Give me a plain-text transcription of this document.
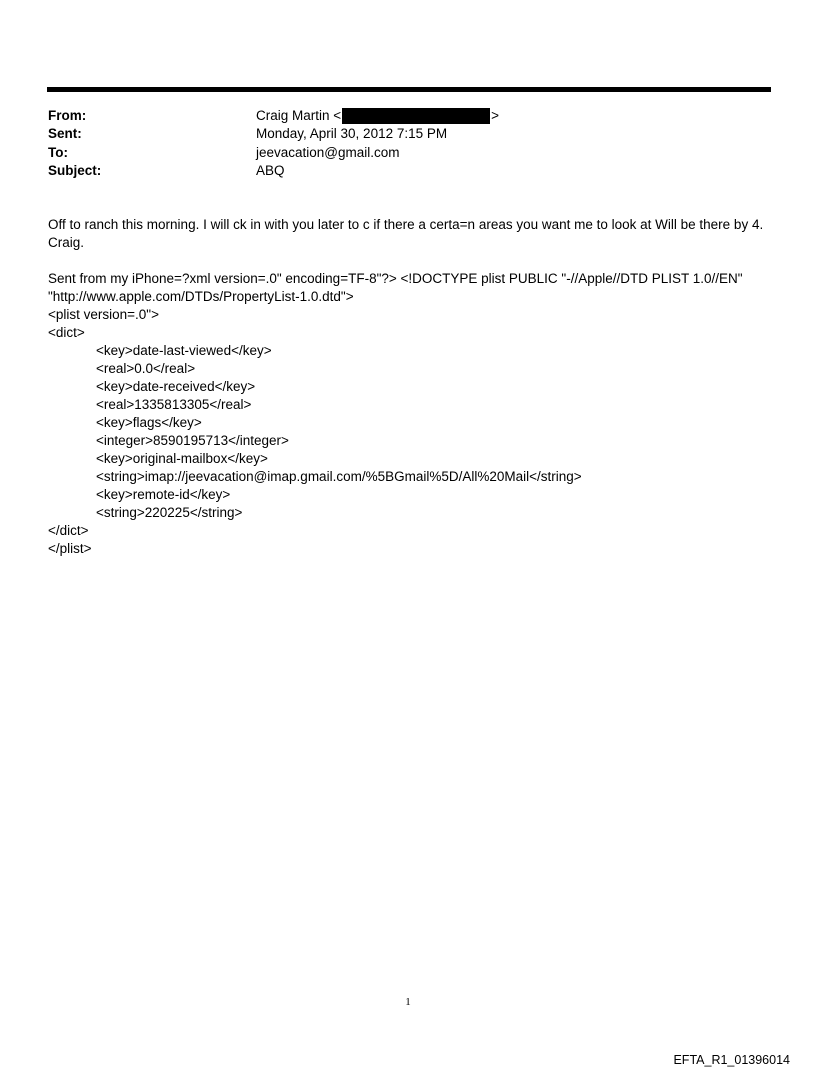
From:	Craig Martin <	>
Sent:	Monday, April 30, 2012 7:15 PM
To:	jeevacation@gmail.com
Subject:	ABQ

Off to ranch this morning. I will ck in with you later to c if there a certa=n areas you want me to look at Will be there by 4.

Craig.

Sent from my iPhone=?xml version=.0" encoding=TF-8"?> <!DOCTYPE plist PUBLIC "-//Apple//DTD PLIST 1.0//EN" "http://www.apple.com/DTDs/PropertyList-1.0.dtd">

<plist version=.0">

<dict>

<key>date-last-viewed</key>

<real>0.0</real>

<key>date-received</key>

<real>1335813305</real>

<key>flags</key>

<integer>8590195713</integer>

<key>original-mailbox</key>

<string>imap://jeevacation@imap.gmail.com/%5BGmail%5D/All%20Mail</string>

<key>remote-id</key>

<string>220225</string>

</dict>

</plist>

1
EFTA_R1_01396014
